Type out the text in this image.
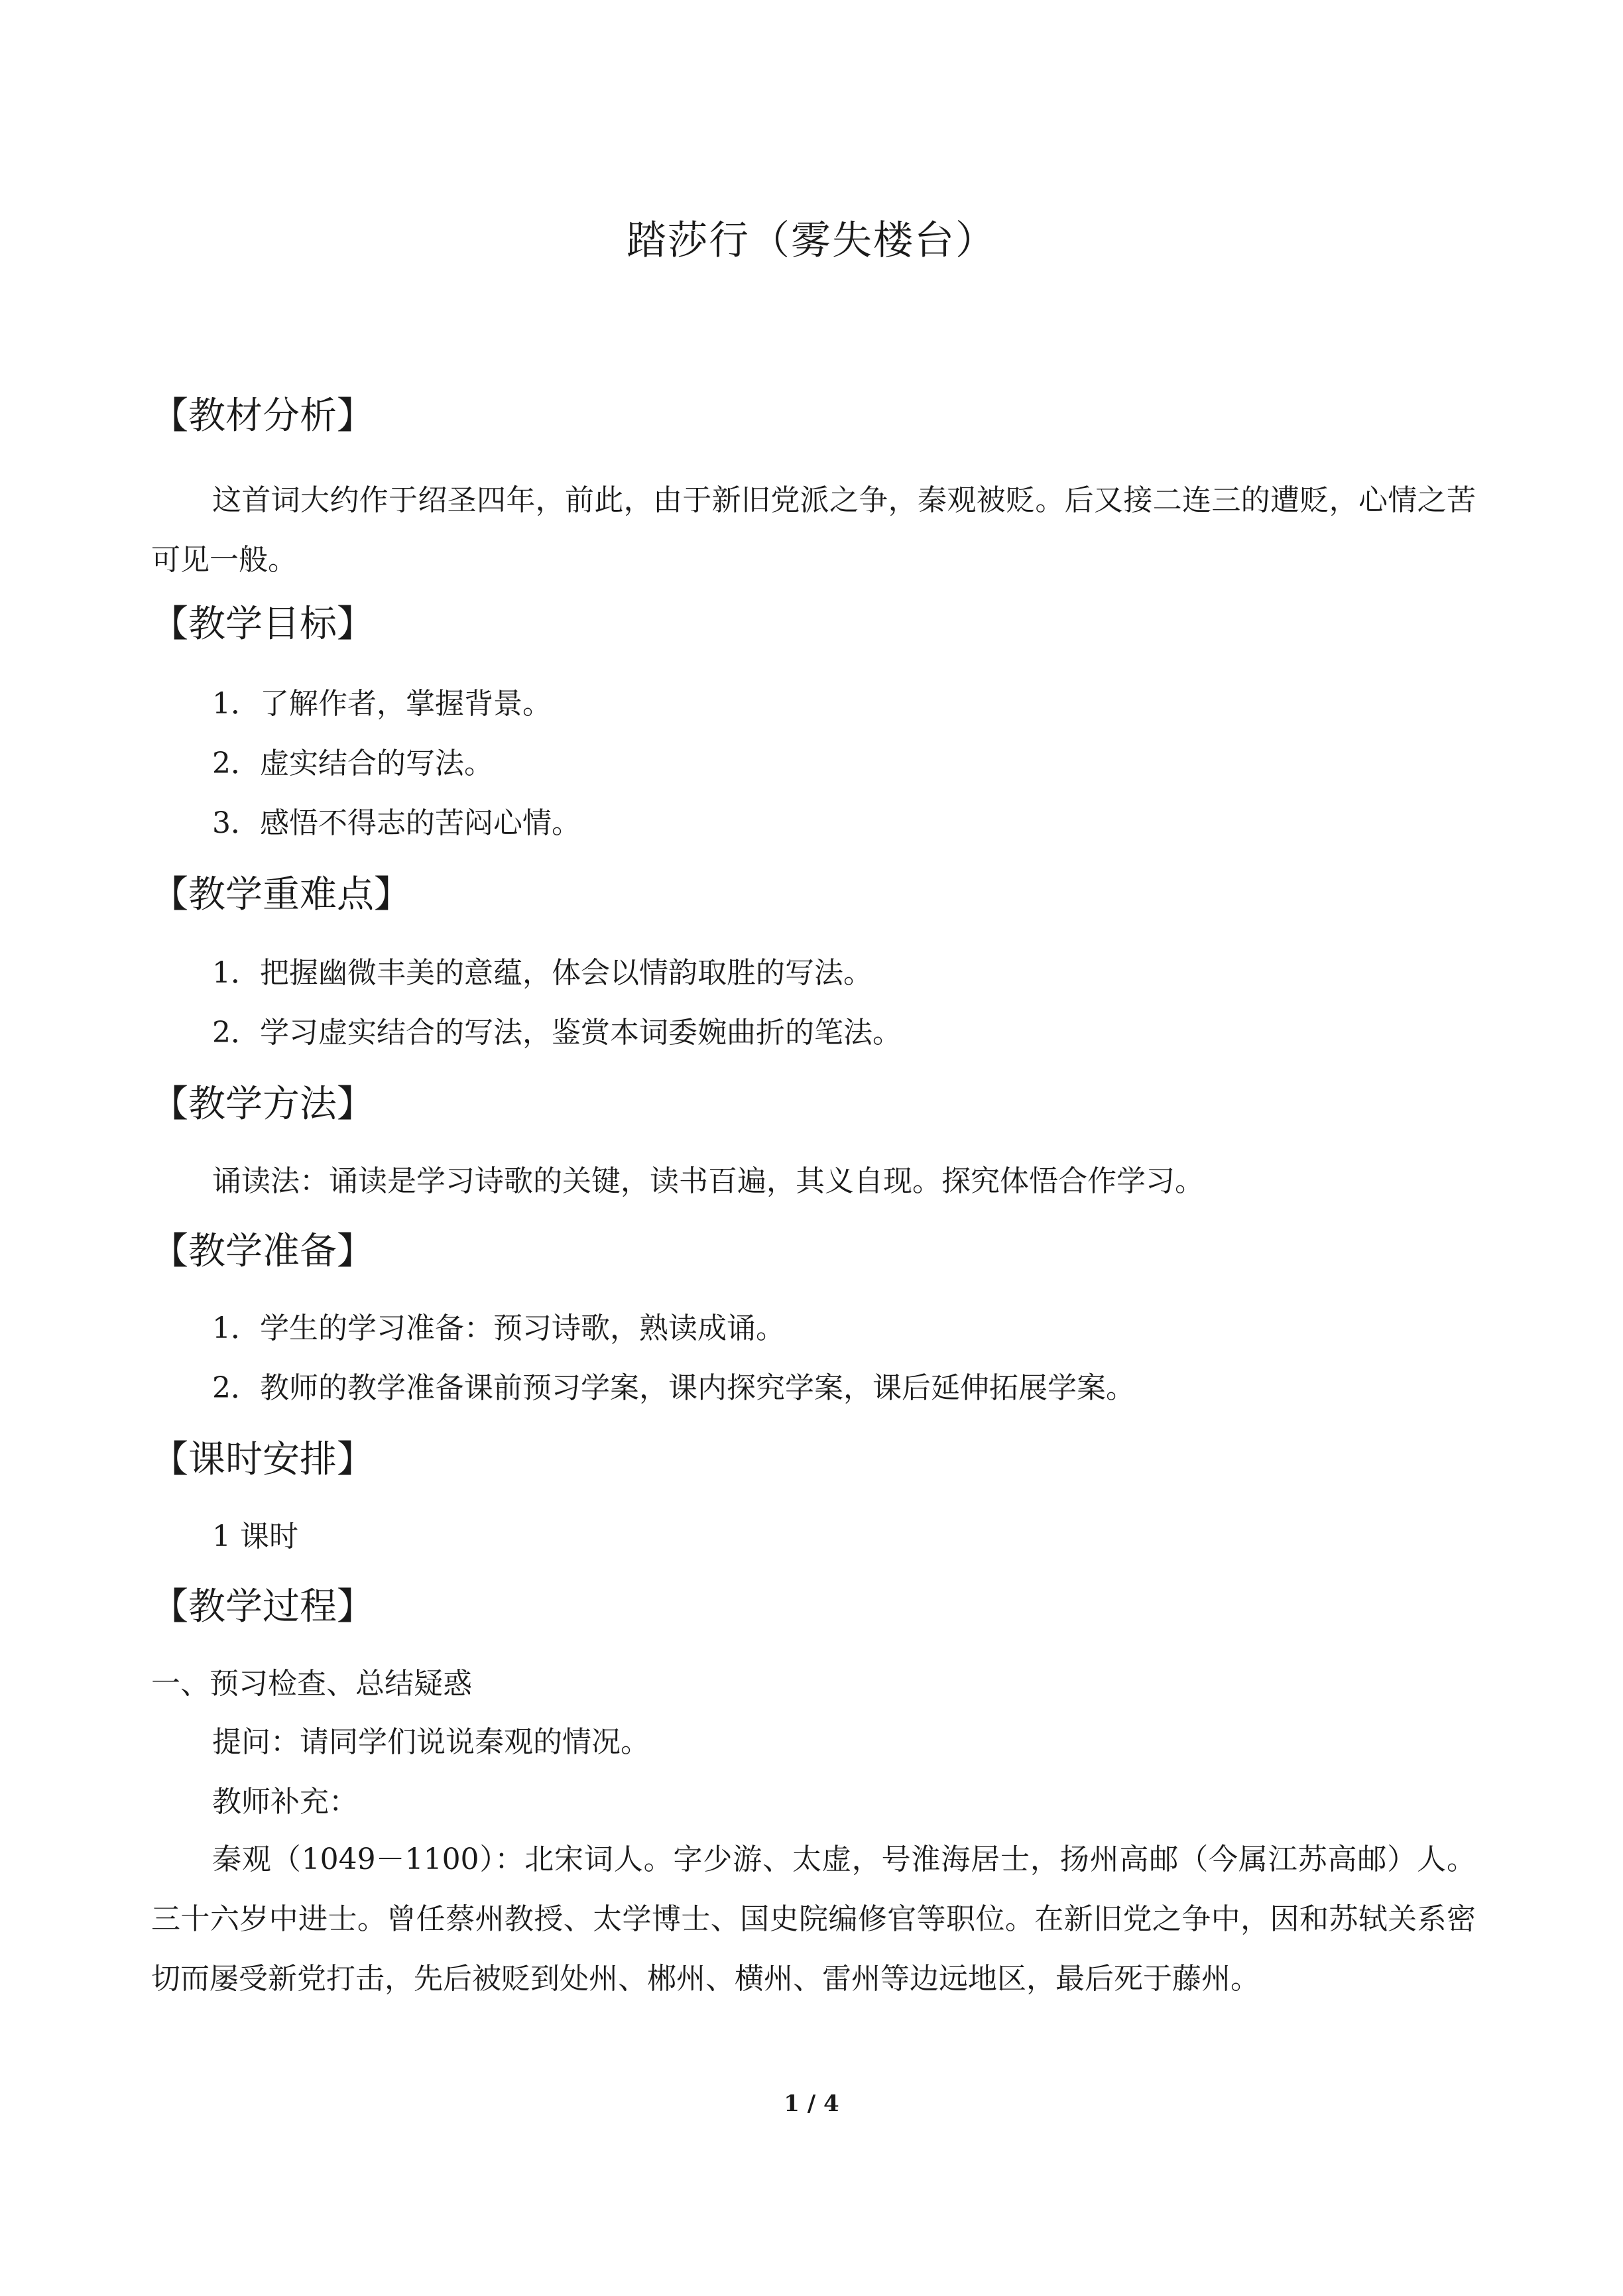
踏莎行（雾失楼台）
【教材分析】
这首词大约作于绍圣四年，前此，由于新旧党派之争，秦观被贬。后又接二连三的遭贬，心情之苦可见一般。
【教学目标】
1．了解作者，掌握背景。
2．虚实结合的写法。
3．感悟不得志的苦闷心情。
【教学重难点】
1．把握幽微丰美的意蕴，体会以情韵取胜的写法。
2．学习虚实结合的写法，鉴赏本词委婉曲折的笔法。
【教学方法】
诵读法：诵读是学习诗歌的关键，读书百遍，其义自现。探究体悟合作学习。
【教学准备】
1．学生的学习准备：预习诗歌，熟读成诵。
2．教师的教学准备课前预习学案，课内探究学案，课后延伸拓展学案。
【课时安排】
1 课时
【教学过程】
一、预习检查、总结疑惑
提问：请同学们说说秦观的情况。
教师补充：
秦观（1049－1100）：北宋词人。字少游、太虚，号淮海居士，扬州高邮（今属江苏高邮）人。三十六岁中进士。曾任蔡州教授、太学博士、国史院编修官等职位。在新旧党之争中，因和苏轼关系密切而屡受新党打击，先后被贬到处州、郴州、横州、雷州等边远地区，最后死于藤州。
1 / 4
